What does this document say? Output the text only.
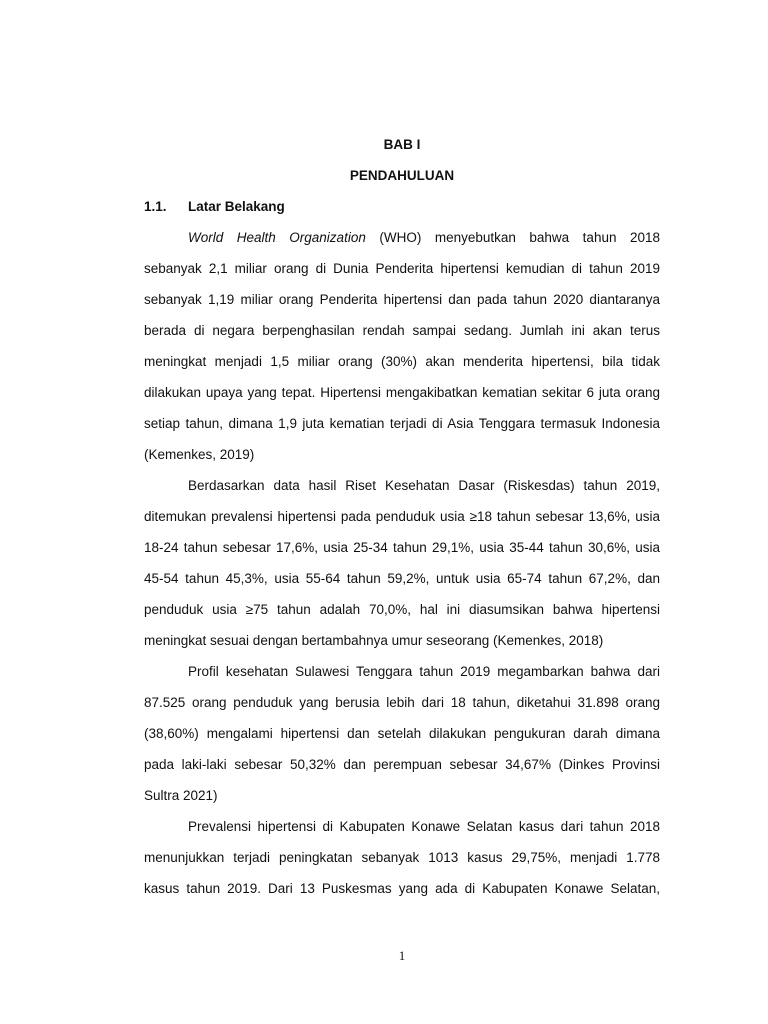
BAB I

PENDAHULUAN

1.1. Latar Belakang

World Health Organization (WHO) menyebutkan bahwa tahun 2018
sebanyak 2,1 miliar orang di Dunia Penderita hipertensi kemudian di tahun 2019
sebanyak 1,19 miliar orang Penderita hipertensi dan pada tahun 2020 diantaranya
berada di negara berpenghasilan rendah sampai sedang. Jumlah ini akan terus
meningkat menjadi 1,5 miliar orang (30%) akan menderita hipertensi, bila tidak
dilakukan upaya yang tepat. Hipertensi mengakibatkan kematian sekitar 6 juta orang
setiap tahun, dimana 1,9 juta kematian terjadi di Asia Tenggara termasuk Indonesia
(Kemenkes, 2019)
Berdasarkan data hasil Riset Kesehatan Dasar (Riskesdas) tahun 2019,
ditemukan prevalensi hipertensi pada penduduk usia ≥18 tahun sebesar 13,6%, usia
18-24 tahun sebesar 17,6%, usia 25-34 tahun 29,1%, usia 35-44 tahun 30,6%, usia
45-54 tahun 45,3%, usia 55-64 tahun 59,2%, untuk usia 65-74 tahun 67,2%, dan
penduduk usia ≥75 tahun adalah 70,0%, hal ini diasumsikan bahwa hipertensi
meningkat sesuai dengan bertambahnya umur seseorang (Kemenkes, 2018)
Profil kesehatan Sulawesi Tenggara tahun 2019 megambarkan bahwa dari
87.525 orang penduduk yang berusia lebih dari 18 tahun, diketahui 31.898 orang
(38,60%) mengalami hipertensi dan setelah dilakukan pengukuran darah dimana
pada laki-laki sebesar 50,32% dan perempuan sebesar 34,67% (Dinkes Provinsi
Sultra 2021)
Prevalensi hipertensi di Kabupaten Konawe Selatan kasus dari tahun 2018
menunjukkan terjadi peningkatan sebanyak 1013 kasus 29,75%, menjadi 1.778
kasus tahun 2019. Dari 13 Puskesmas yang ada di Kabupaten Konawe Selatan,

1
